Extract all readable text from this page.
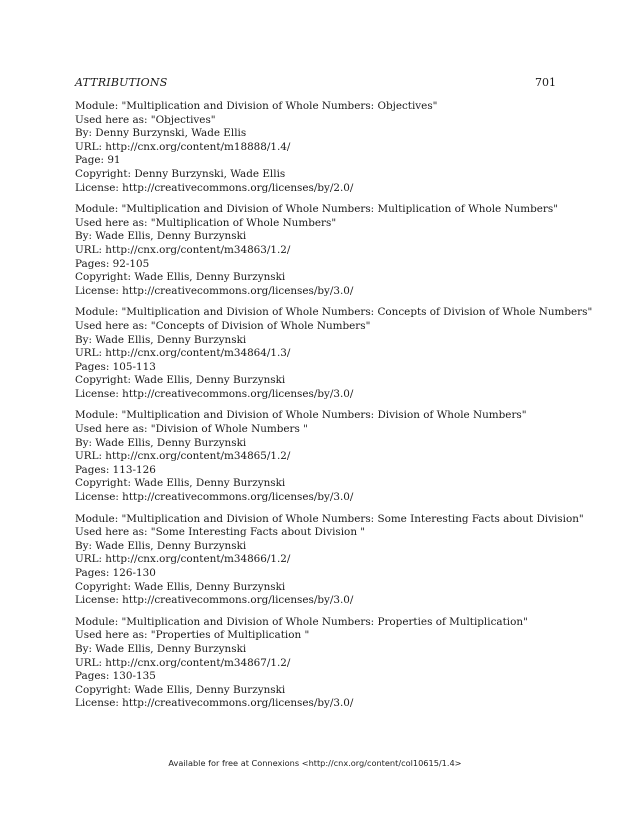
ATTRIBUTIONS	701
Module: "Multiplication and Division of Whole Numbers: Objectives"
Used here as: "Objectives"
By: Denny Burzynski, Wade Ellis
URL: http://cnx.org/content/m18888/1.4/
Page: 91
Copyright: Denny Burzynski, Wade Ellis
License: http://creativecommons.org/licenses/by/2.0/
Module: "Multiplication and Division of Whole Numbers: Multiplication of Whole Numbers"
Used here as: "Multiplication of Whole Numbers"
By: Wade Ellis, Denny Burzynski
URL: http://cnx.org/content/m34863/1.2/
Pages: 92-105
Copyright: Wade Ellis, Denny Burzynski
License: http://creativecommons.org/licenses/by/3.0/
Module: "Multiplication and Division of Whole Numbers: Concepts of Division of Whole Numbers"
Used here as: "Concepts of Division of Whole Numbers"
By: Wade Ellis, Denny Burzynski
URL: http://cnx.org/content/m34864/1.3/
Pages: 105-113
Copyright: Wade Ellis, Denny Burzynski
License: http://creativecommons.org/licenses/by/3.0/
Module: "Multiplication and Division of Whole Numbers: Division of Whole Numbers"
Used here as: "Division of Whole Numbers "
By: Wade Ellis, Denny Burzynski
URL: http://cnx.org/content/m34865/1.2/
Pages: 113-126
Copyright: Wade Ellis, Denny Burzynski
License: http://creativecommons.org/licenses/by/3.0/
Module: "Multiplication and Division of Whole Numbers: Some Interesting Facts about Division"
Used here as: "Some Interesting Facts about Division "
By: Wade Ellis, Denny Burzynski
URL: http://cnx.org/content/m34866/1.2/
Pages: 126-130
Copyright: Wade Ellis, Denny Burzynski
License: http://creativecommons.org/licenses/by/3.0/
Module: "Multiplication and Division of Whole Numbers: Properties of Multiplication"
Used here as: "Properties of Multiplication "
By: Wade Ellis, Denny Burzynski
URL: http://cnx.org/content/m34867/1.2/
Pages: 130-135
Copyright: Wade Ellis, Denny Burzynski
License: http://creativecommons.org/licenses/by/3.0/
Available for free at Connexions <http://cnx.org/content/col10615/1.4>
